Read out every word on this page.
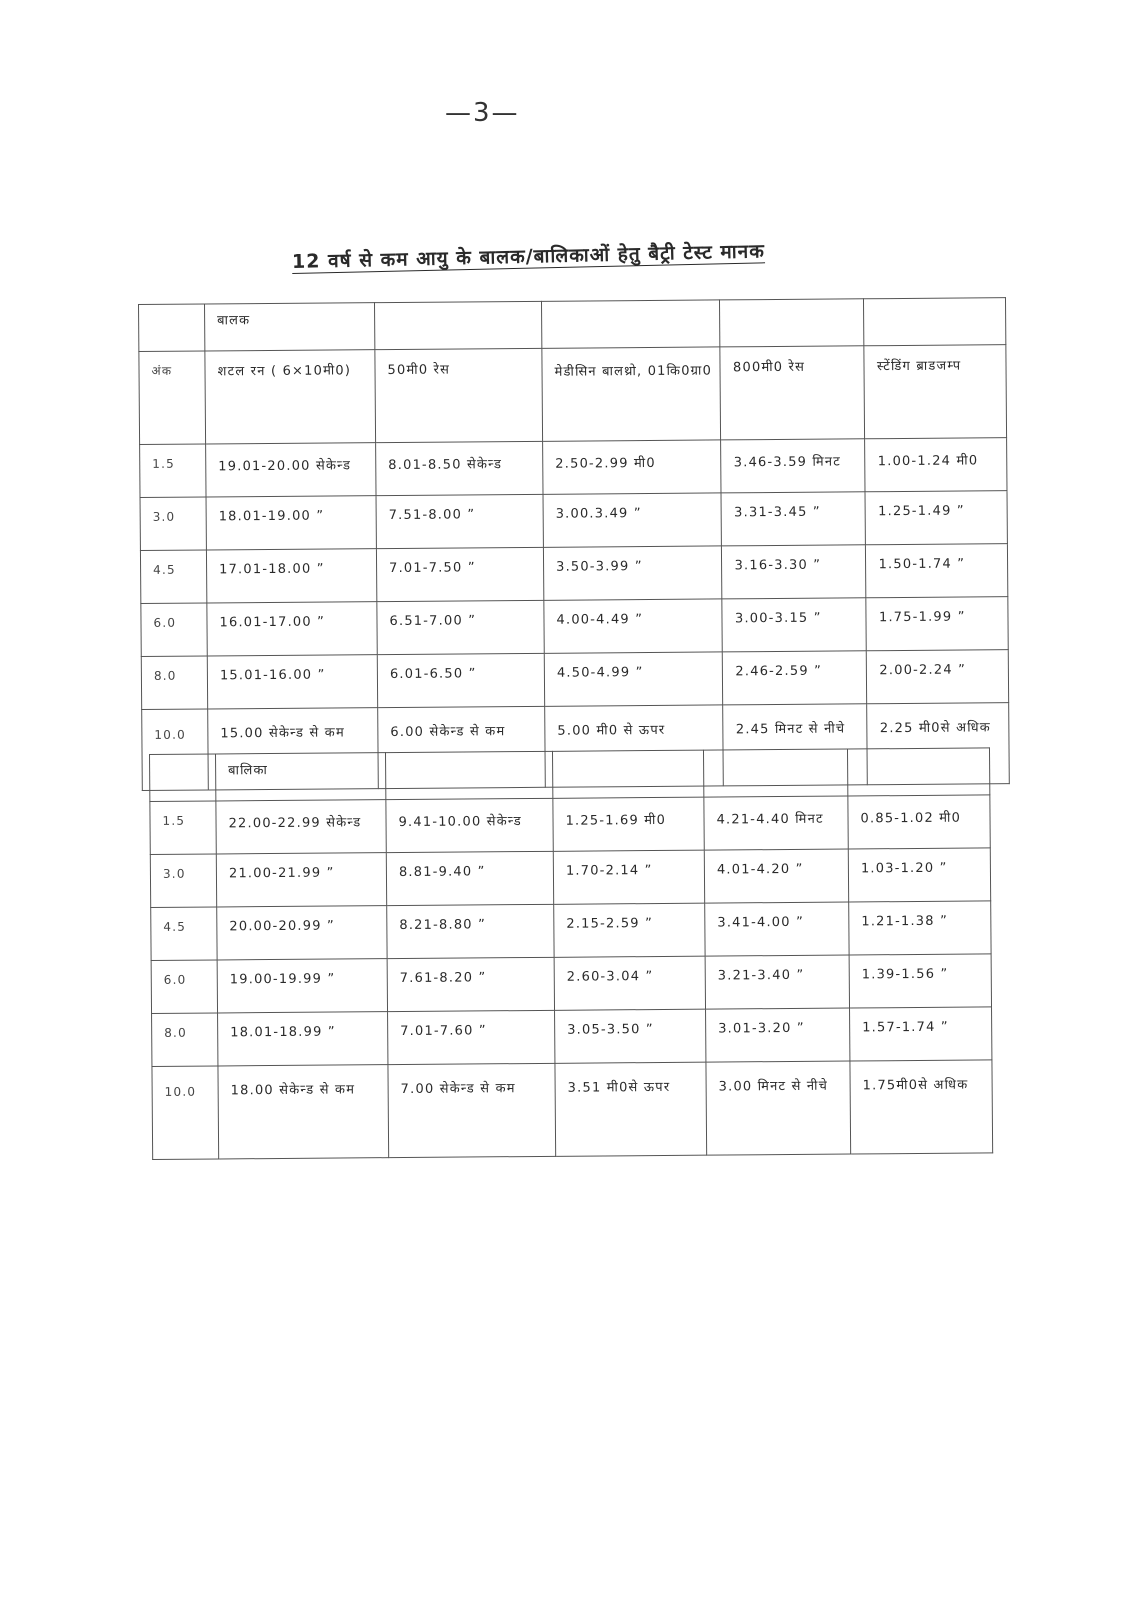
—3—
12 वर्ष से कम आयु के बालक/बालिकाओं हेतु बैट्री टेस्ट मानक
	बालक				
अंक	शटल रन ( 6×10मी0)	50मी0 रेस	मेडीसिन बालथ्रो, 01कि0ग्रा0	800मी0 रेस	स्टेंडिंग ब्राडजम्प
1.5	19.01-20.00 सेकेन्ड	8.01-8.50 सेकेन्ड	2.50-2.99 मी0	3.46-3.59 मिनट	1.00-1.24 मी0
3.0	18.01-19.00 ”	7.51-8.00 ”	3.00.3.49 ”	3.31-3.45 ”	1.25-1.49 ”
4.5	17.01-18.00 ”	7.01-7.50 ”	3.50-3.99 ”	3.16-3.30 ”	1.50-1.74 ”
6.0	16.01-17.00 ”	6.51-7.00 ”	4.00-4.49 ”	3.00-3.15 ”	1.75-1.99 ”
8.0	15.01-16.00 ”	6.01-6.50 ”	4.50-4.99 ”	2.46-2.59 ”	2.00-2.24 ”
10.0	15.00 सेकेन्ड से कम	6.00 सेकेन्ड से कम	5.00 मी0 से ऊपर	2.45 मिनट से नीचे	2.25 मी0से अधिक
	बालिका				
1.5	22.00-22.99 सेकेन्ड	9.41-10.00 सेकेन्ड	1.25-1.69 मी0	4.21-4.40 मिनट	0.85-1.02 मी0
3.0	21.00-21.99 ”	8.81-9.40 ”	1.70-2.14 ”	4.01-4.20 ”	1.03-1.20 ”
4.5	20.00-20.99 ”	8.21-8.80 ”	2.15-2.59 ”	3.41-4.00 ”	1.21-1.38 ”
6.0	19.00-19.99 ”	7.61-8.20 ”	2.60-3.04 ”	3.21-3.40 ”	1.39-1.56 ”
8.0	18.01-18.99 ”	7.01-7.60 ”	3.05-3.50 ”	3.01-3.20 ”	1.57-1.74 ”
10.0	18.00 सेकेन्ड से कम	7.00 सेकेन्ड से कम	3.51 मी0से ऊपर	3.00 मिनट से नीचे	1.75मी0से अधिक
